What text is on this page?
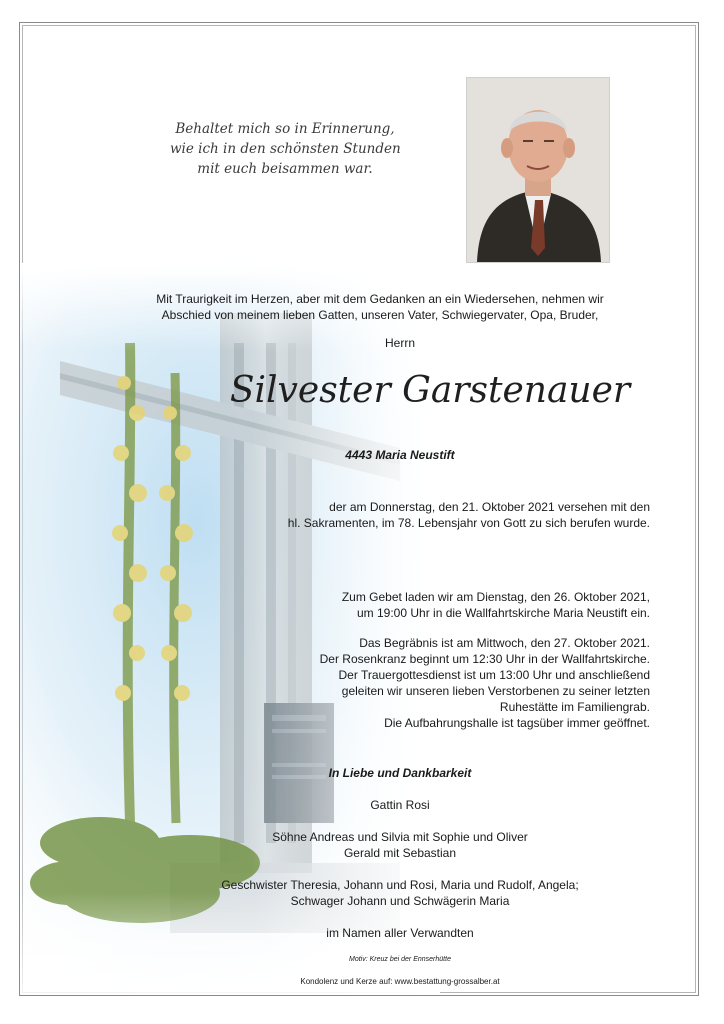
Behaltet mich so in Erinnerung,
wie ich in den schönsten Stunden
mit euch beisammen war.
Mit Traurigkeit im Herzen, aber mit dem Gedanken an ein Wiedersehen, nehmen wir
Abschied von meinem lieben Gatten, unseren Vater, Schwiegervater, Opa, Bruder,
Herrn
Silvester Garstenauer
4443 Maria Neustift
der am Donnerstag, den 21. Oktober 2021 versehen mit den
hl. Sakramenten, im 78. Lebensjahr von Gott zu sich berufen wurde.
Zum Gebet laden wir am Dienstag, den 26. Oktober 2021,
um 19:00 Uhr in die Wallfahrtskirche Maria Neustift ein.
Das Begräbnis ist am Mittwoch, den 27. Oktober 2021.
Der Rosenkranz beginnt um 12:30 Uhr in der Wallfahrtskirche.
Der Trauergottesdienst ist um 13:00 Uhr und anschließend
geleiten wir unseren lieben Verstorbenen zu seiner letzten
Ruhestätte im Familiengrab.
Die Aufbahrungshalle ist tagsüber immer geöffnet.
In Liebe und Dankbarkeit
Gattin Rosi
Söhne Andreas und Silvia mit Sophie und Oliver
Gerald mit Sebastian
Geschwister Theresia, Johann und Rosi, Maria und Rudolf, Angela;
Schwager Johann und Schwägerin Maria
im Namen aller Verwandten
Motiv: Kreuz bei der Ennserhütte
Kondolenz und Kerze auf: www.bestattung-grossalber.at
